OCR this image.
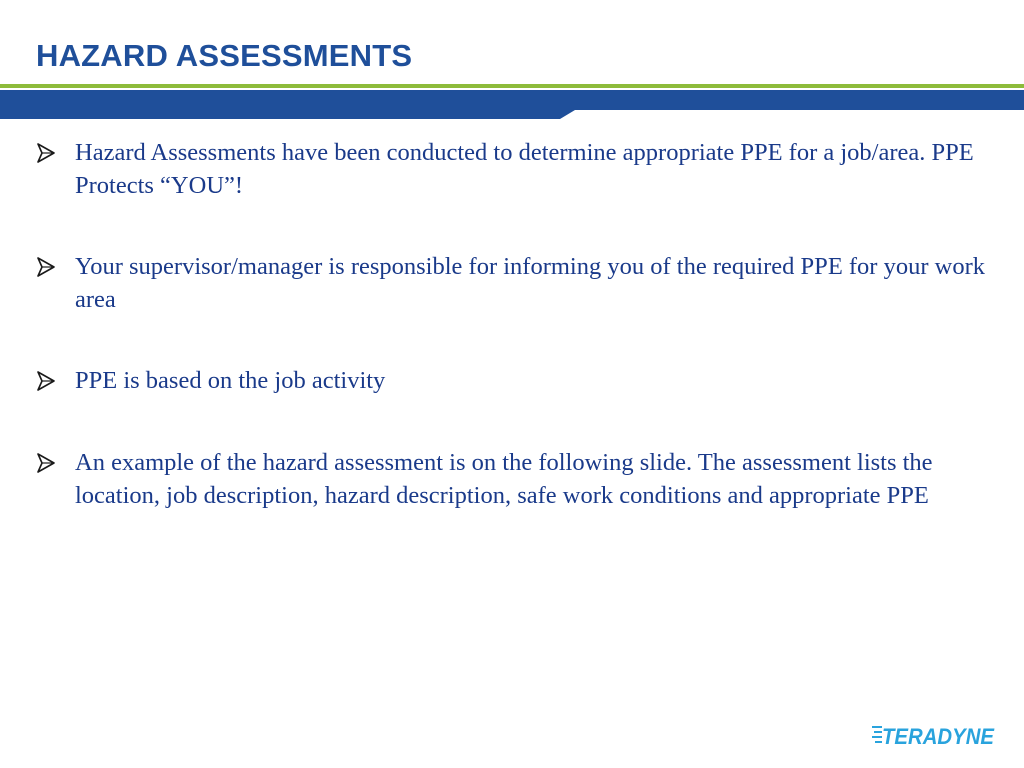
HAZARD ASSESSMENTS
Hazard Assessments have been conducted to determine appropriate PPE for a job/area. PPE Protects “YOU”!
Your supervisor/manager is responsible for informing you of the required PPE for your work area
PPE is based on the job activity
An example of the hazard assessment is on the following slide. The assessment lists the location, job description, hazard description, safe work conditions and appropriate PPE
TERADYNE
